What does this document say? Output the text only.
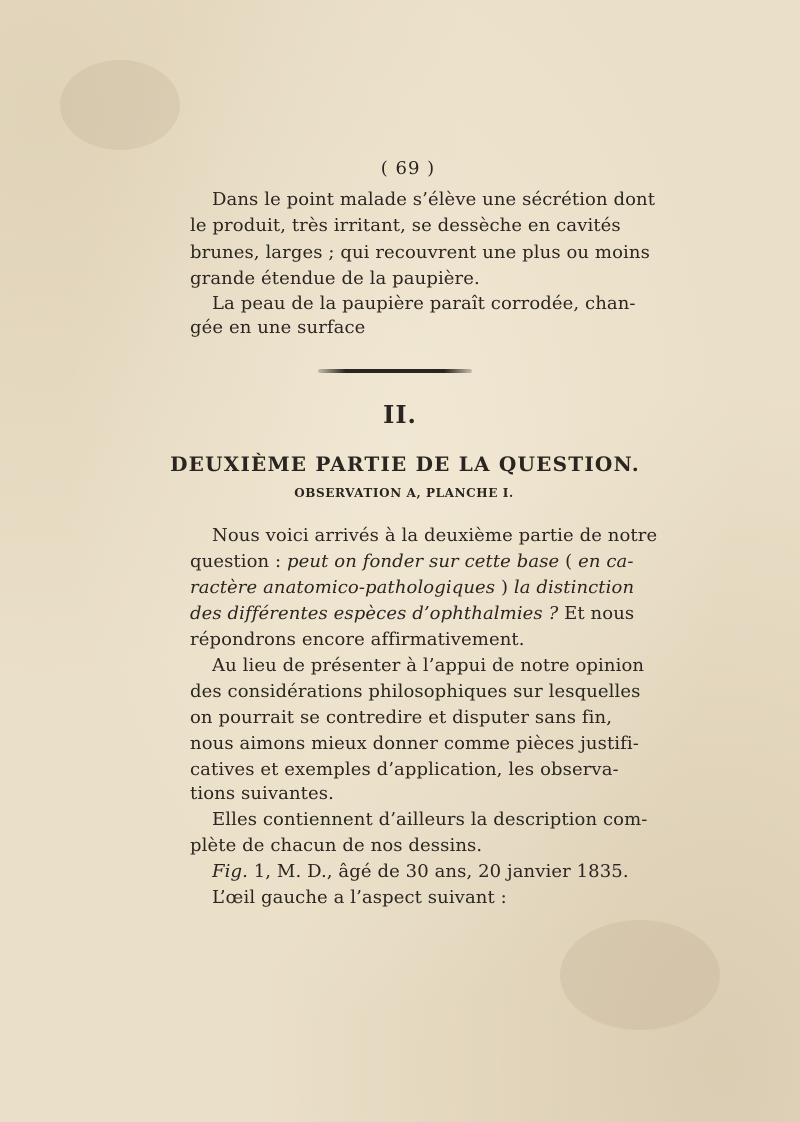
( 69 )
Dans le point malade s’élève une sécrétion dont
le produit, très irritant, se dessèche en cavités
brunes, larges ; qui recouvrent une plus ou moins
grande étendue de la paupière.
La peau de la paupière paraît corrodée, chan-
gée en une surface
II.
DEUXIÈME PARTIE DE LA QUESTION.
OBSERVATION A, PLANCHE I.
Nous voici arrivés à la deuxième partie de notre
question : peut on fonder sur cette base ( en ca-
ractère anatomico-pathologiques ) la distinction
des différentes espèces d’ophthalmies ? Et nous
répondrons encore affirmativement.
Au lieu de présenter à l’appui de notre opinion
des considérations philosophiques sur lesquelles
on pourrait se contredire et disputer sans fin,
nous aimons mieux donner comme pièces justifi-
catives et exemples d’application, les observa-
tions suivantes.
Elles contiennent d’ailleurs la description com-
plète de chacun de nos dessins.
Fig. 1, M. D., âgé de 30 ans, 20 janvier 1835.
L’œil gauche a l’aspect suivant :
